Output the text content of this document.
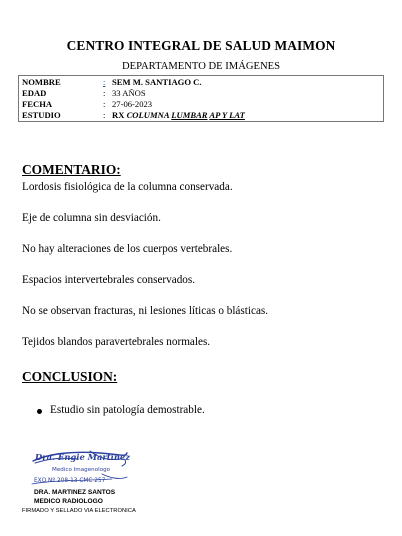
CENTRO INTEGRAL DE SALUD MAIMON
DEPARTAMENTO DE IMÁGENES
NOMBRE	: SEM M. SANTIAGO C.
EDAD	: 33 AÑOS
FECHA	: 27-06-2023
ESTUDIO	: RX COLUMNA LUMBAR AP Y LAT
COMENTARIO:
Lordosis fisiológica de la columna conservada.
Eje de columna sin desviación.
No hay alteraciones de los cuerpos vertebrales.
Espacios intervertebrales conservados.
No se observan fracturas, ni lesiones líticas o blásticas.
Tejidos blandos paravertebrales normales.
CONCLUSION:
Estudio sin patología demostrable.
Dra. Engie Martinez
Medico Imagenologo
EXQ Nº 208-13 CMC 257
DRA. MARTINEZ SANTOS
MEDICO RADIOLOGO
FIRMADO Y SELLADO VIA ELECTRONICA
